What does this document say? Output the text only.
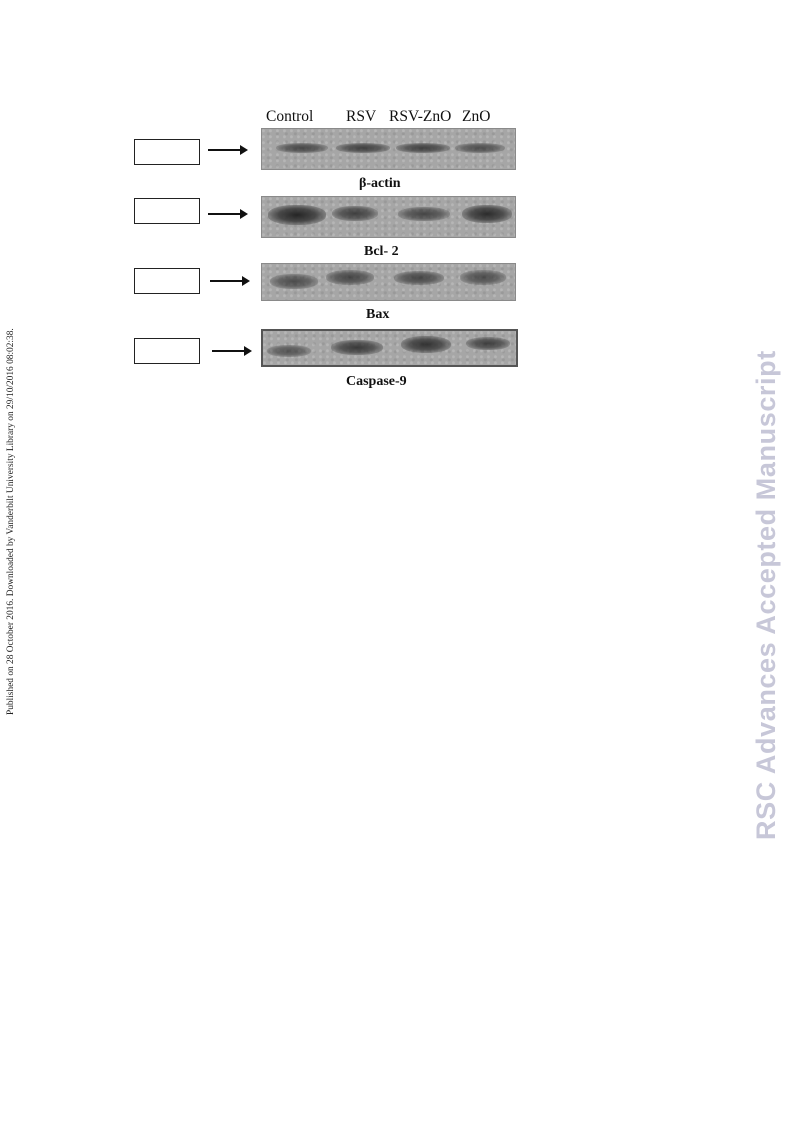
Published on 28 October 2016. Downloaded by Vanderbilt University Library on 29/10/2016 08:02:38.	RSC Advances Accepted Manuscript
Control RSV RSV-ZnO ZnO
β-actin
Bcl- 2
Bax
Caspase-9
